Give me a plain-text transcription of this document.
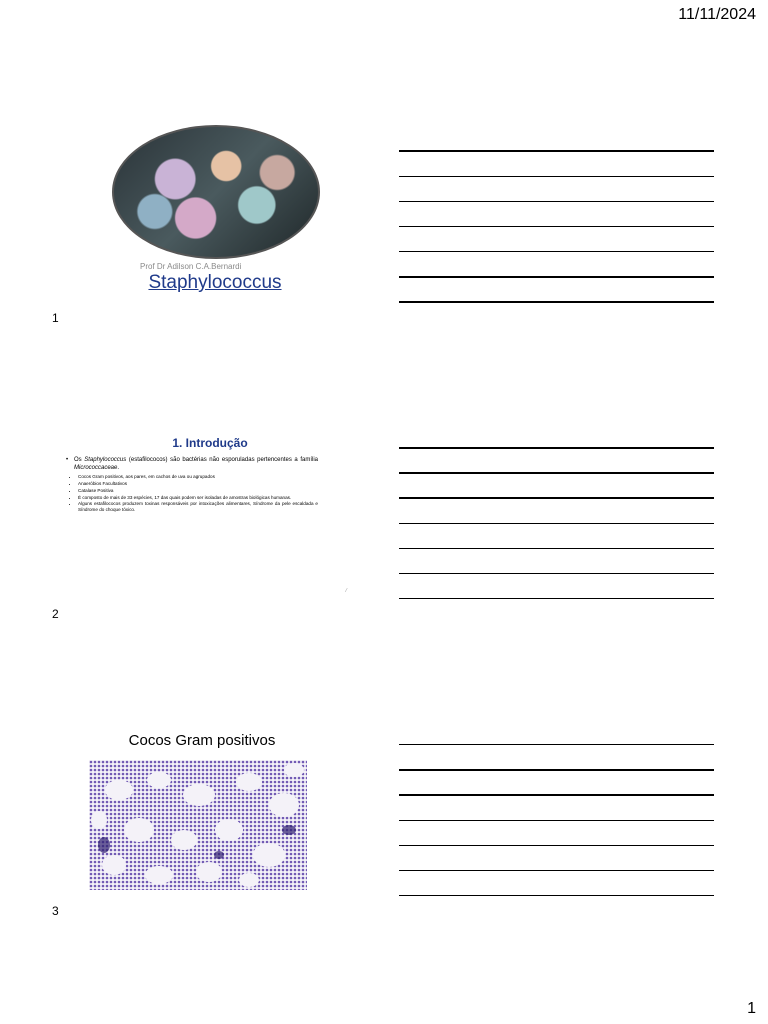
11/11/2024
Prof Dr Adilson C.A.Bernardi
Staphylococcus
1
1. Introdução
• Os Staphylococcus (estafilococos) são bactérias não esporuladas pertencentes a família Micrococcaceae.
• Cocos Gram positivos, aos pares, em cachos de uva ou agrupados
• Anaeróbios Facultativos
• Catalase Positiva
• É composto de mais de 33 espécies, 17 das quais podem ser isoladas de amostras biológicas humanas.
• Alguns estafilococos produzem toxinas responsáveis por intoxicações alimentares, Síndrome da pele escaldada e Síndrome do choque tóxico.
⁄
2
Cocos Gram positivos
3
1
